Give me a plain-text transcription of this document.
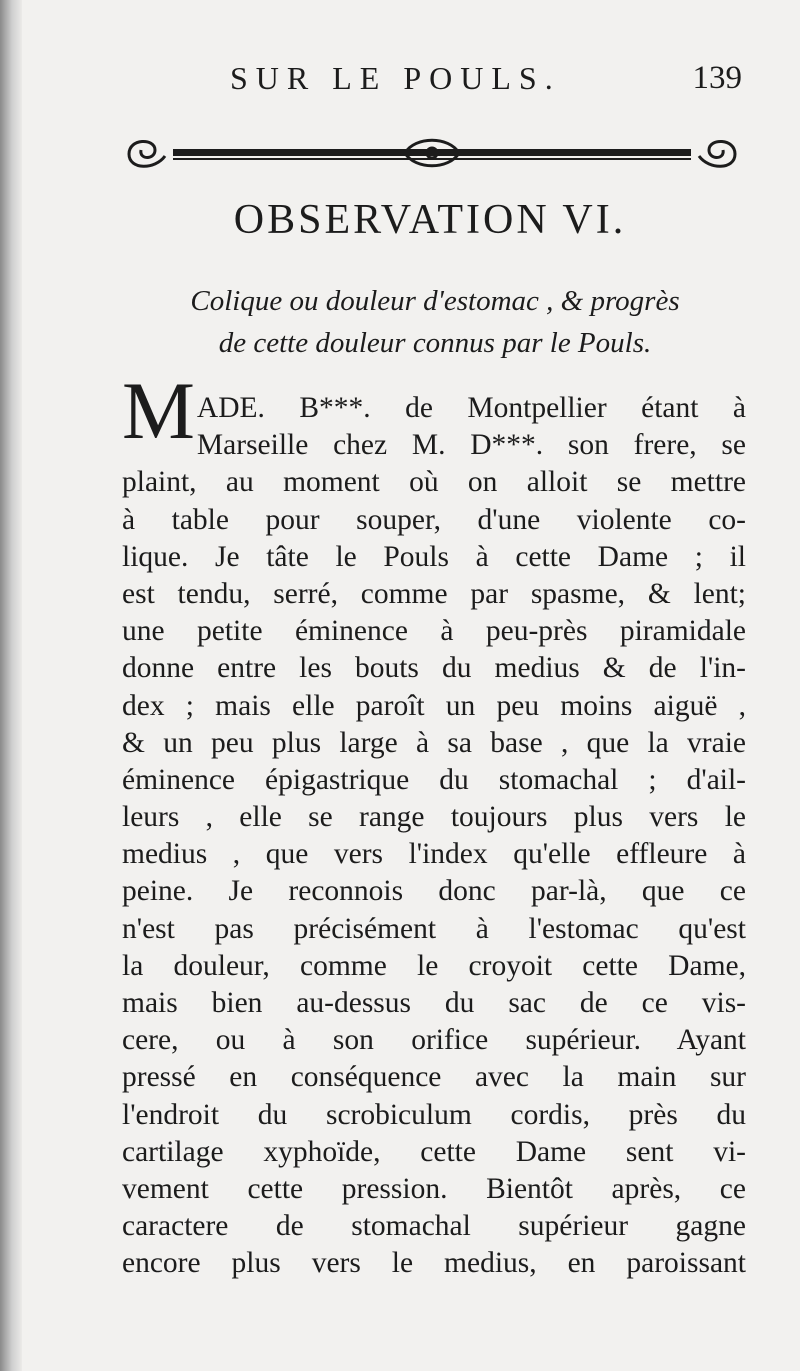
SUR LE POULS.	139
OBSERVATION VI.
Colique ou douleur d'estomac , & progrès
de cette douleur connus par le Pouls.
M ADE. B***. de Montpellier étant à
Marseille chez M. D***. son frere, se
plaint, au moment où on alloit se mettre
à table pour souper, d'une violente co-
lique. Je tâte le Pouls à cette Dame ; il
est tendu, serré, comme par spasme, & lent;
une petite éminence à peu-près piramidale
donne entre les bouts du medius & de l'in-
dex ; mais elle paroît un peu moins aiguë ,
& un peu plus large à sa base , que la vraie
éminence épigastrique du stomachal ; d'ail-
leurs , elle se range toujours plus vers le
medius , que vers l'index qu'elle effleure à
peine. Je reconnois donc par-là, que ce
n'est pas précisément à l'estomac qu'est
la douleur, comme le croyoit cette Dame,
mais bien au-dessus du sac de ce vis-
cere, ou à son orifice supérieur. Ayant
pressé en conséquence avec la main sur
l'endroit du scrobiculum cordis, près du
cartilage xyphoïde, cette Dame sent vi-
vement cette pression. Bientôt après, ce
caractere de stomachal supérieur gagne
encore plus vers le medius, en paroissant
